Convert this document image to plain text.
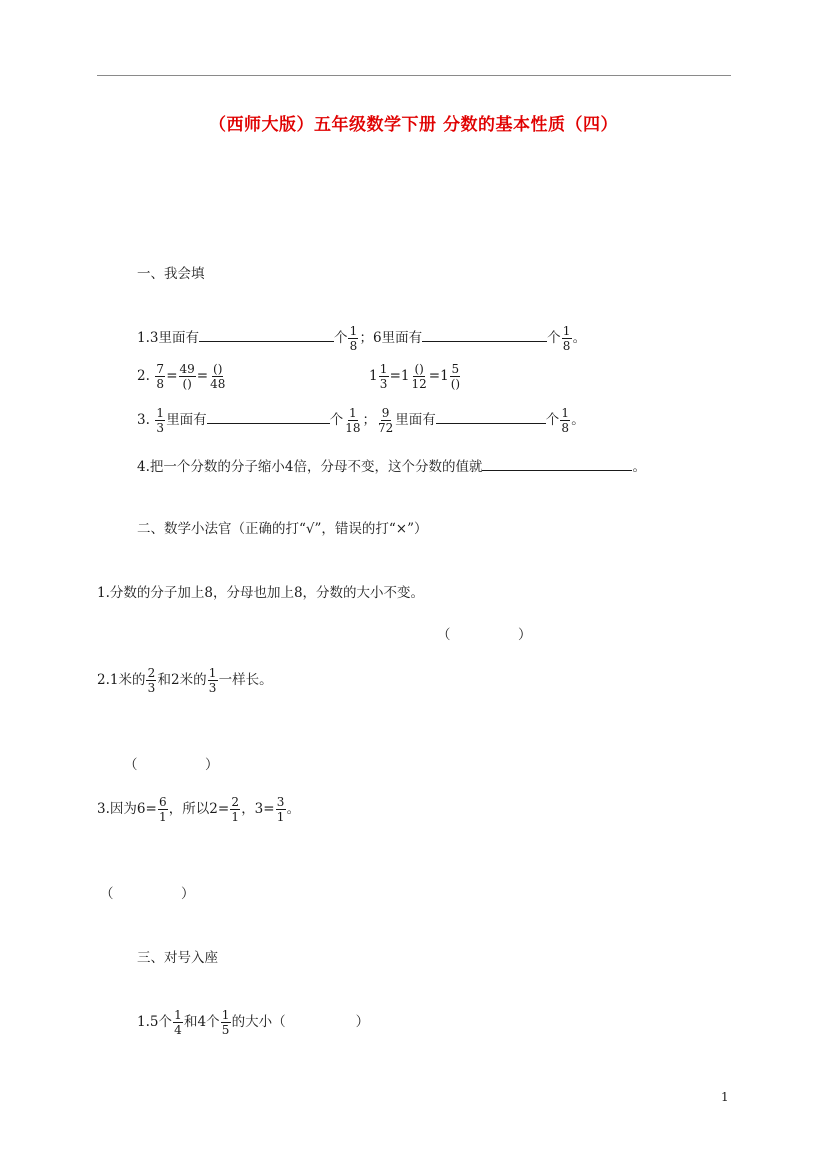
（西师大版）五年级数学下册 分数的基本性质（四）
一、我会填
1.3里面有	个 $\frac{1}{8}$ ；6里面有	个 $\frac{1}{8}$ 。
2. $\frac{7}{8} = \frac{49}{()} = \frac{()}{48}$	$1 \frac{1}{3} =1 \frac{()}{12} =1 \frac{5}{()}$
3. $\frac{1}{3}$ 里面有	个 $\frac{1}{18}$ ； $\frac{9}{72}$ 里面有	个 $\frac{1}{8}$ 。
4.把一个分数的分子缩小4倍，分母不变，这个分数的值就	。
二、数学小法官（正确的打“√”，错误的打“×”）
1.分数的分子加上8，分母也加上8，分数的大小不变。
（　　　　　）
2.1米的 $\frac{2}{3}$ 和2米的 $\frac{1}{3}$ 一样长。
（　　　　　）
3.因为$6= \frac{6}{1}$ ，所以$2= \frac{2}{1}$ ，$3= \frac{3}{1}$ 。
（　　　　　）
三、对号入座
1.5个 $\frac{1}{4}$ 和4个 $\frac{1}{5}$ 的大小（	）
1
